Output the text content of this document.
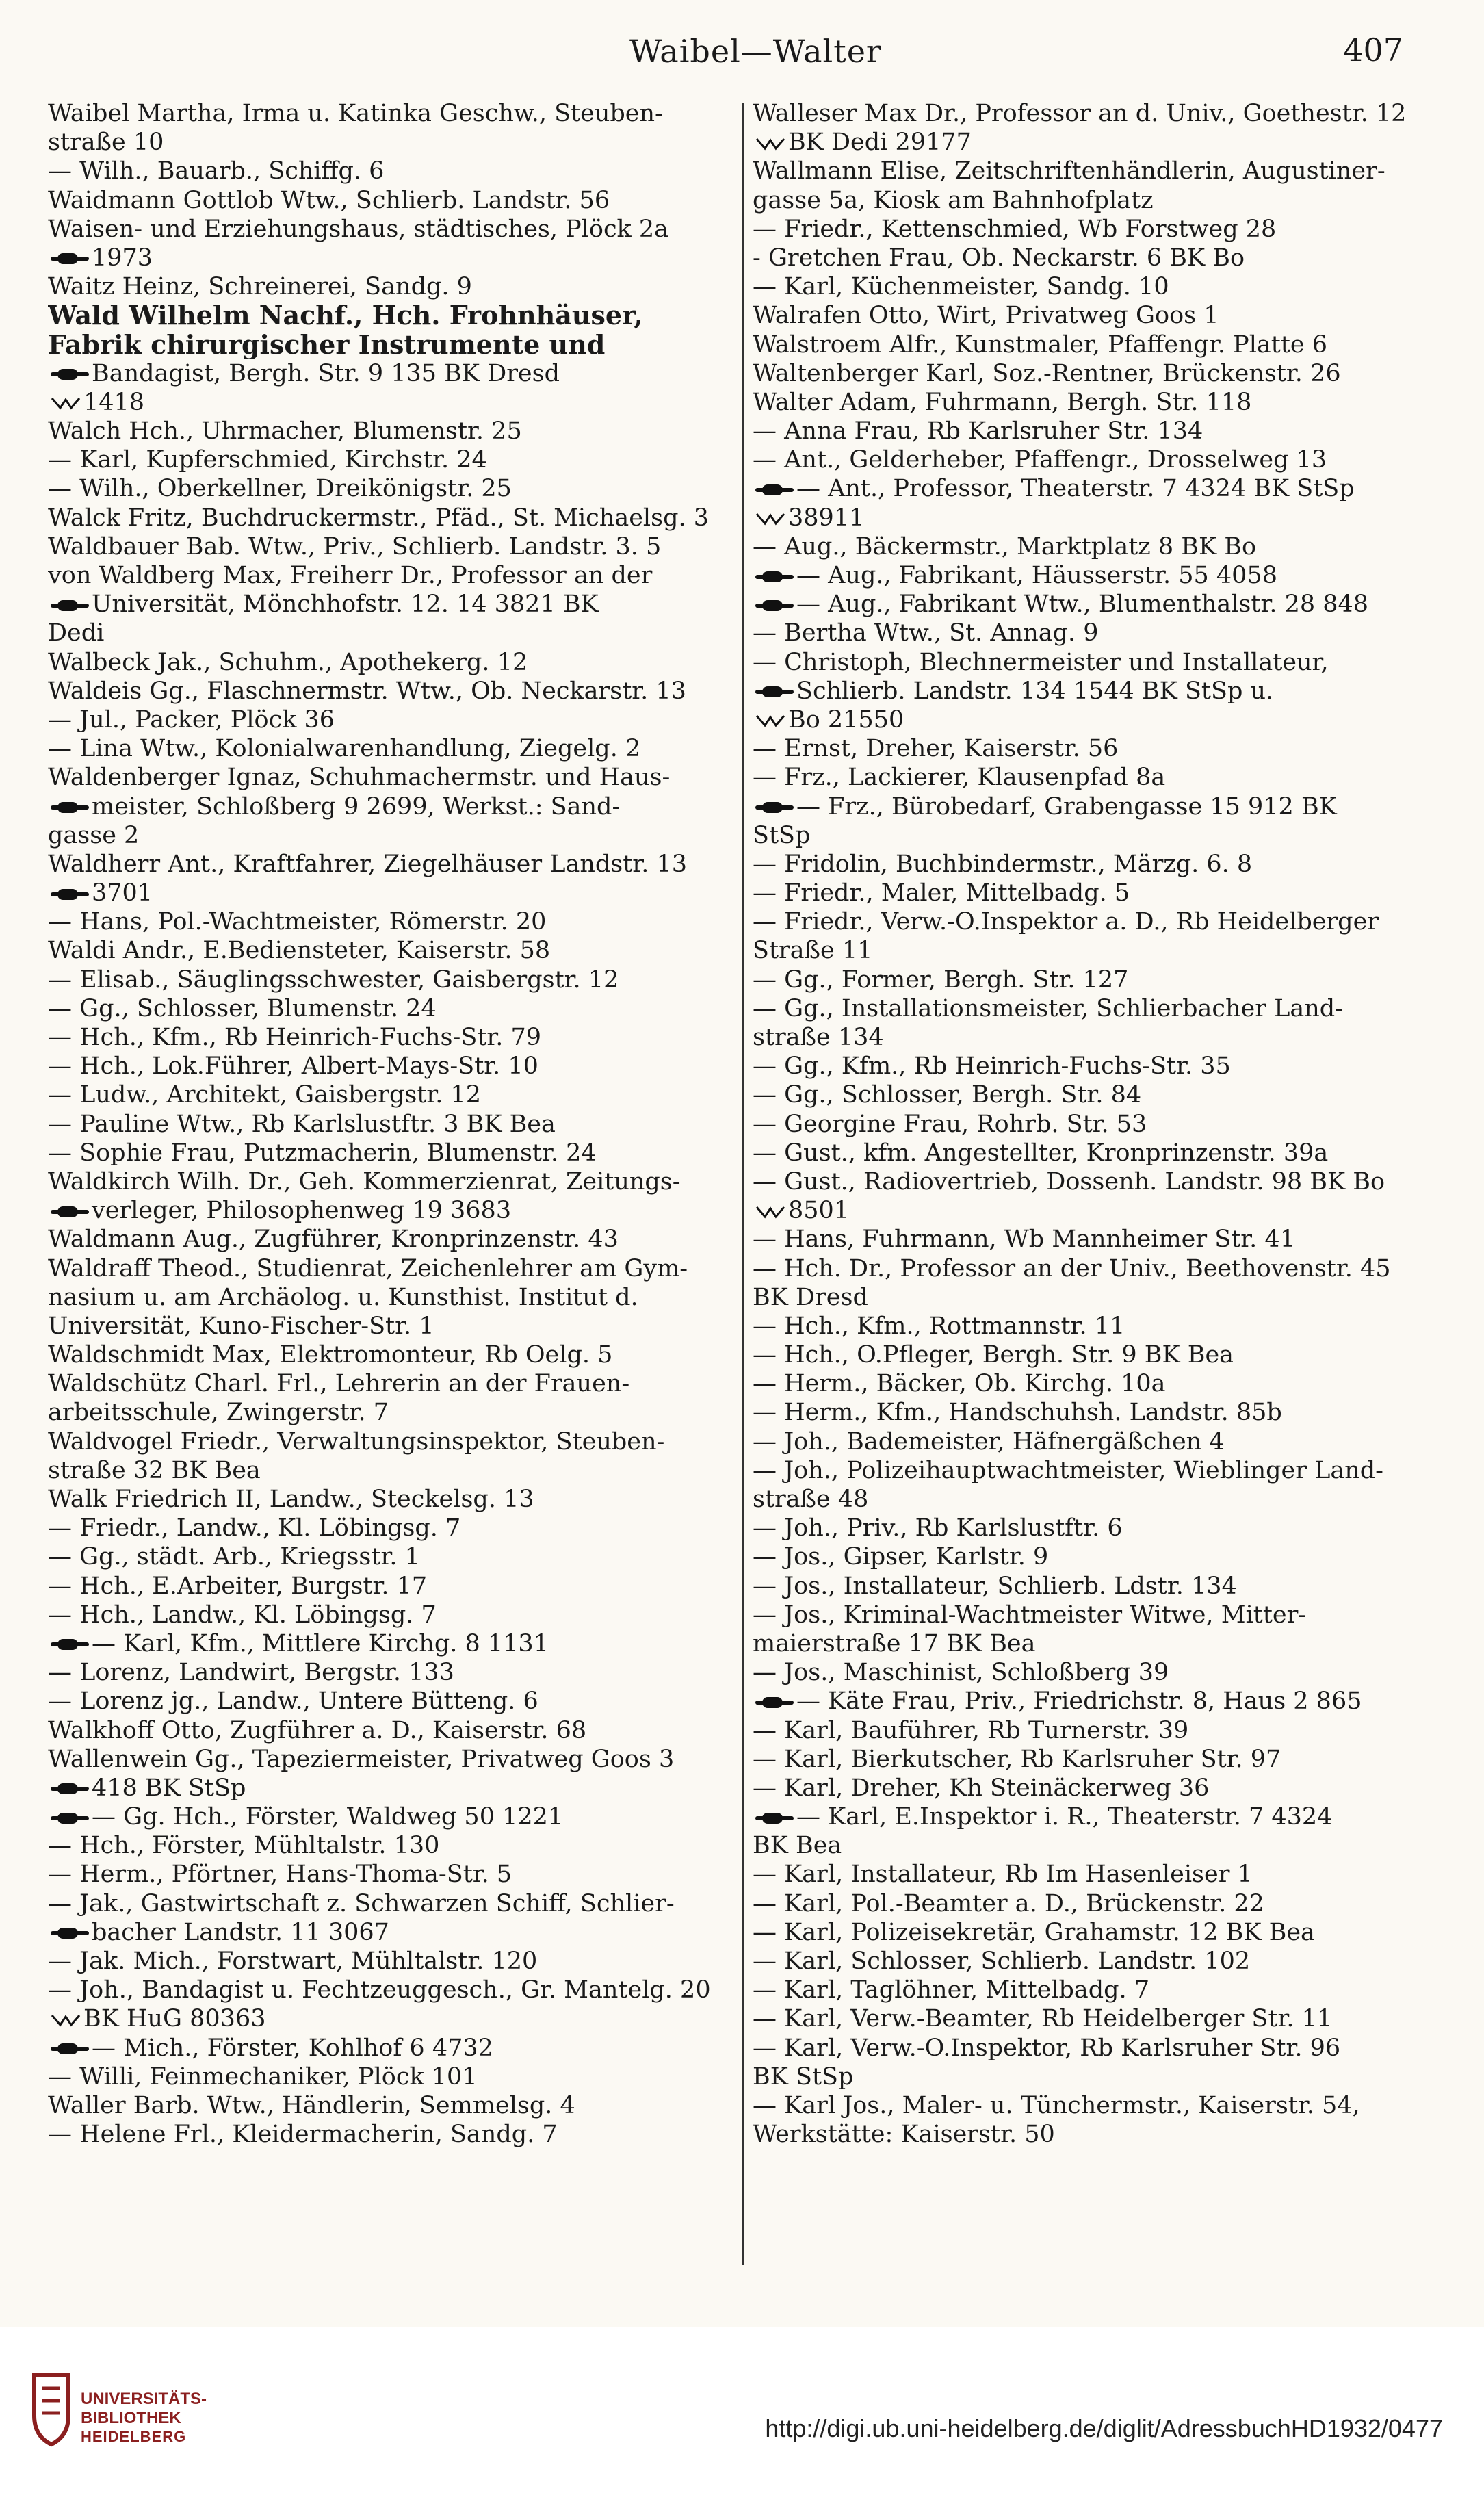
Waibel—Walter	407
Waibel Martha, Irma u. Katinka Geschw., Steuben-
straße 10
— Wilh., Bauarb., Schiffg. 6
Waidmann Gottlob Wtw., Schlierb. Landstr. 56
Waisen- und Erziehungshaus, städtisches, Plöck 2a
1973
Waitz Heinz, Schreinerei, Sandg. 9
Wald Wilhelm Nachf., Hch. Frohnhäuser,
Fabrik chirurgischer Instrumente und
Bandagist, Bergh. Str. 9 135 BK Dresd
1418
Walch Hch., Uhrmacher, Blumenstr. 25
— Karl, Kupferschmied, Kirchstr. 24
— Wilh., Oberkellner, Dreikönigstr. 25
Walck Fritz, Buchdruckermstr., Pfäd., St. Michaelsg. 3
Waldbauer Bab. Wtw., Priv., Schlierb. Landstr. 3. 5
von Waldberg Max, Freiherr Dr., Professor an der
Universität, Mönchhofstr. 12. 14 3821 BK
Dedi
Walbeck Jak., Schuhm., Apothekerg. 12
Waldeis Gg., Flaschnermstr. Wtw., Ob. Neckarstr. 13
— Jul., Packer, Plöck 36
— Lina Wtw., Kolonialwarenhandlung, Ziegelg. 2
Waldenberger Ignaz, Schuhmachermstr. und Haus-
meister, Schloßberg 9 2699, Werkst.: Sand-
gasse 2
Waldherr Ant., Kraftfahrer, Ziegelhäuser Landstr. 13
3701
— Hans, Pol.-Wachtmeister, Römerstr. 20
Waldi Andr., E.Bediensteter, Kaiserstr. 58
— Elisab., Säuglingsschwester, Gaisbergstr. 12
— Gg., Schlosser, Blumenstr. 24
— Hch., Kfm., Rb Heinrich-Fuchs-Str. 79
— Hch., Lok.Führer, Albert-Mays-Str. 10
— Ludw., Architekt, Gaisbergstr. 12
— Pauline Wtw., Rb Karlslustftr. 3 BK Bea
— Sophie Frau, Putzmacherin, Blumenstr. 24
Waldkirch Wilh. Dr., Geh. Kommerzienrat, Zeitungs-
verleger, Philosophenweg 19 3683
Waldmann Aug., Zugführer, Kronprinzenstr. 43
Waldraff Theod., Studienrat, Zeichenlehrer am Gym-
nasium u. am Archäolog. u. Kunsthist. Institut d.
Universität, Kuno-Fischer-Str. 1
Waldschmidt Max, Elektromonteur, Rb Oelg. 5
Waldschütz Charl. Frl., Lehrerin an der Frauen-
arbeitsschule, Zwingerstr. 7
Waldvogel Friedr., Verwaltungsinspektor, Steuben-
straße 32 BK Bea
Walk Friedrich II, Landw., Steckelsg. 13
— Friedr., Landw., Kl. Löbingsg. 7
— Gg., städt. Arb., Kriegsstr. 1
— Hch., E.Arbeiter, Burgstr. 17
— Hch., Landw., Kl. Löbingsg. 7
— Karl, Kfm., Mittlere Kirchg. 8 1131
— Lorenz, Landwirt, Bergstr. 133
— Lorenz jg., Landw., Untere Bütteng. 6
Walkhoff Otto, Zugführer a. D., Kaiserstr. 68
Wallenwein Gg., Tapeziermeister, Privatweg Goos 3
418 BK StSp
— Gg. Hch., Förster, Waldweg 50 1221
— Hch., Förster, Mühltalstr. 130
— Herm., Pförtner, Hans-Thoma-Str. 5
— Jak., Gastwirtschaft z. Schwarzen Schiff, Schlier-
bacher Landstr. 11 3067
— Jak. Mich., Forstwart, Mühltalstr. 120
— Joh., Bandagist u. Fechtzeuggesch., Gr. Mantelg. 20
BK HuG 80363
— Mich., Förster, Kohlhof 6 4732
— Willi, Feinmechaniker, Plöck 101
Waller Barb. Wtw., Händlerin, Semmelsg. 4
— Helene Frl., Kleidermacherin, Sandg. 7
Walleser Max Dr., Professor an d. Univ., Goethestr. 12
BK Dedi 29177
Wallmann Elise, Zeitschriftenhändlerin, Augustiner-
gasse 5a, Kiosk am Bahnhofplatz
— Friedr., Kettenschmied, Wb Forstweg 28
- Gretchen Frau, Ob. Neckarstr. 6 BK Bo
— Karl, Küchenmeister, Sandg. 10
Walrafen Otto, Wirt, Privatweg Goos 1
Walstroem Alfr., Kunstmaler, Pfaffengr. Platte 6
Waltenberger Karl, Soz.-Rentner, Brückenstr. 26
Walter Adam, Fuhrmann, Bergh. Str. 118
— Anna Frau, Rb Karlsruher Str. 134
— Ant., Gelderheber, Pfaffengr., Drosselweg 13
— Ant., Professor, Theaterstr. 7 4324 BK StSp
38911
— Aug., Bäckermstr., Marktplatz 8 BK Bo
— Aug., Fabrikant, Häusserstr. 55 4058
— Aug., Fabrikant Wtw., Blumenthalstr. 28 848
— Bertha Wtw., St. Annag. 9
— Christoph, Blechnermeister und Installateur,
Schlierb. Landstr. 134 1544 BK StSp u.
Bo 21550
— Ernst, Dreher, Kaiserstr. 56
— Frz., Lackierer, Klausenpfad 8a
— Frz., Bürobedarf, Grabengasse 15 912 BK
StSp
— Fridolin, Buchbindermstr., Märzg. 6. 8
— Friedr., Maler, Mittelbadg. 5
— Friedr., Verw.-O.Inspektor a. D., Rb Heidelberger
Straße 11
— Gg., Former, Bergh. Str. 127
— Gg., Installationsmeister, Schlierbacher Land-
straße 134
— Gg., Kfm., Rb Heinrich-Fuchs-Str. 35
— Gg., Schlosser, Bergh. Str. 84
— Georgine Frau, Rohrb. Str. 53
— Gust., kfm. Angestellter, Kronprinzenstr. 39a
— Gust., Radiovertrieb, Dossenh. Landstr. 98 BK Bo
8501
— Hans, Fuhrmann, Wb Mannheimer Str. 41
— Hch. Dr., Professor an der Univ., Beethovenstr. 45
BK Dresd
— Hch., Kfm., Rottmannstr. 11
— Hch., O.Pfleger, Bergh. Str. 9 BK Bea
— Herm., Bäcker, Ob. Kirchg. 10a
— Herm., Kfm., Handschuhsh. Landstr. 85b
— Joh., Bademeister, Häfnergäßchen 4
— Joh., Polizeihauptwachtmeister, Wieblinger Land-
straße 48
— Joh., Priv., Rb Karlslustftr. 6
— Jos., Gipser, Karlstr. 9
— Jos., Installateur, Schlierb. Ldstr. 134
— Jos., Kriminal-Wachtmeister Witwe, Mitter-
maierstraße 17 BK Bea
— Jos., Maschinist, Schloßberg 39
— Käte Frau, Priv., Friedrichstr. 8, Haus 2 865
— Karl, Bauführer, Rb Turnerstr. 39
— Karl, Bierkutscher, Rb Karlsruher Str. 97
— Karl, Dreher, Kh Steinäckerweg 36
— Karl, E.Inspektor i. R., Theaterstr. 7 4324
BK Bea
— Karl, Installateur, Rb Im Hasenleiser 1
— Karl, Pol.-Beamter a. D., Brückenstr. 22
— Karl, Polizeisekretär, Grahamstr. 12 BK Bea
— Karl, Schlosser, Schlierb. Landstr. 102
— Karl, Taglöhner, Mittelbadg. 7
— Karl, Verw.-Beamter, Rb Heidelberger Str. 11
— Karl, Verw.-O.Inspektor, Rb Karlsruher Str. 96
BK StSp
— Karl Jos., Maler- u. Tünchermstr., Kaiserstr. 54,
Werkstätte: Kaiserstr. 50
UNIVERSITÄTS-
BIBLIOTHEK
HEIDELBERG	http://digi.ub.uni-heidelberg.de/diglit/AdressbuchHD1932/0477
